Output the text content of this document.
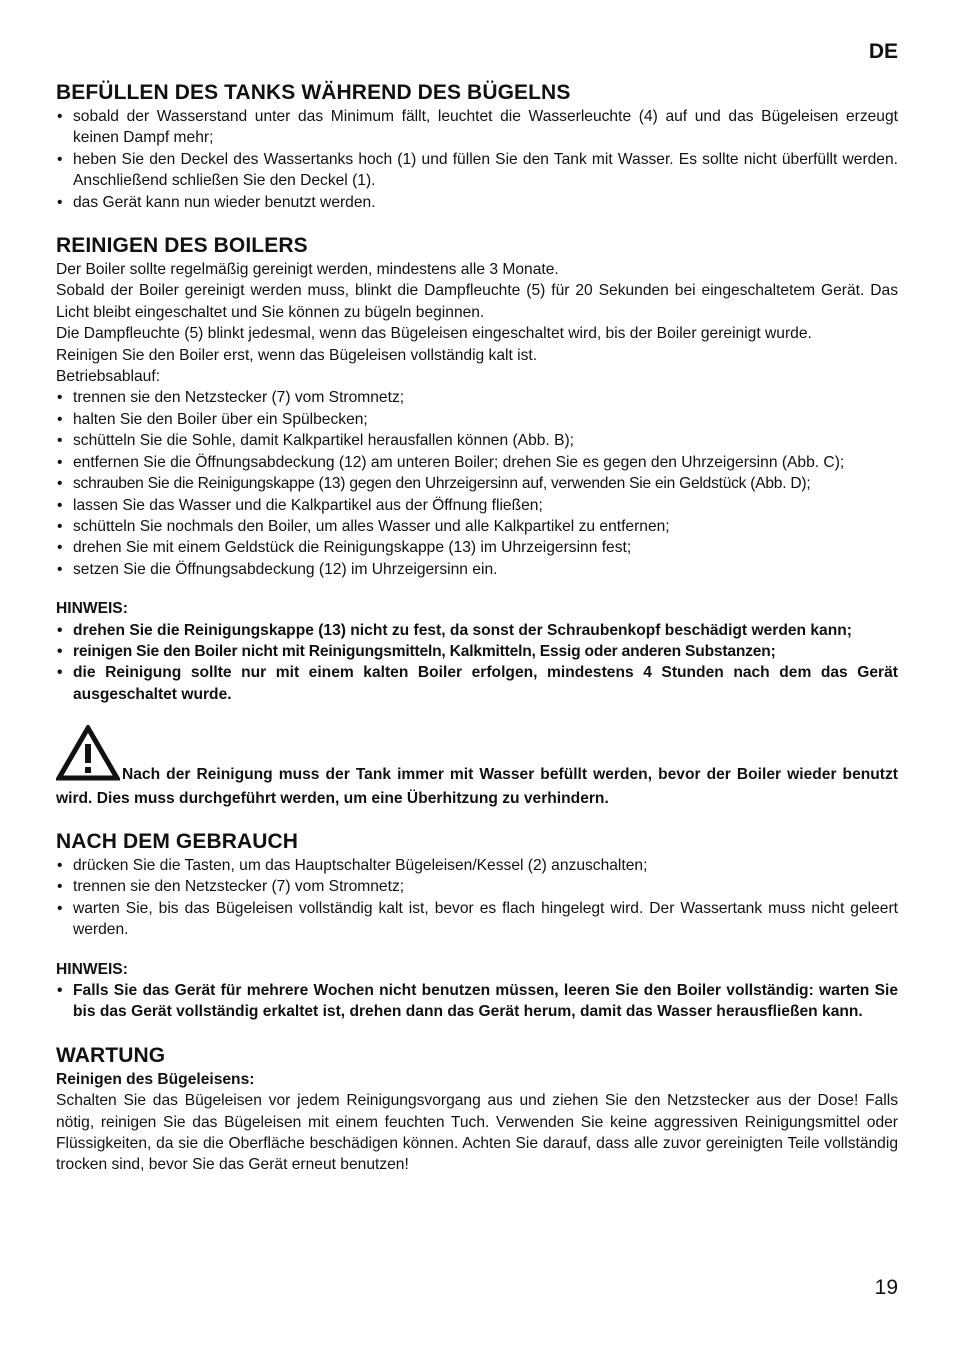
DE
BEFÜLLEN DES TANKS WÄHREND DES BÜGELNS
• sobald der Wasserstand unter das Minimum fällt, leuchtet die Wasserleuchte (4) auf und das Bügeleisen erzeugt keinen Dampf mehr;
• heben Sie den Deckel des Wassertanks hoch (1) und füllen Sie den Tank mit Wasser. Es sollte nicht überfüllt werden. Anschließend schließen Sie den Deckel (1).
• das Gerät kann nun wieder benutzt werden.
REINIGEN DES BOILERS

Der Boiler sollte regelmäßig gereinigt werden, mindestens alle 3 Monate.

Sobald der Boiler gereinigt werden muss, blinkt die Dampfleuchte (5) für 20 Sekunden bei eingeschaltetem Gerät. Das Licht bleibt eingeschaltet und Sie können zu bügeln beginnen.

Die Dampfleuchte (5) blinkt jedesmal, wenn das Bügeleisen eingeschaltet wird, bis der Boiler gereinigt wurde.

Reinigen Sie den Boiler erst, wenn das Bügeleisen vollständig kalt ist.

Betriebsablauf:

• trennen sie den Netzstecker (7) vom Stromnetz;
• halten Sie den Boiler über ein Spülbecken;
• schütteln Sie die Sohle, damit Kalkpartikel herausfallen können (Abb. B);
• entfernen Sie die Öffnungsabdeckung (12) am unteren Boiler; drehen Sie es gegen den Uhrzeigersinn (Abb. C);
• schrauben Sie die Reinigungskappe (13) gegen den Uhrzeigersinn auf, verwenden Sie ein Geldstück (Abb. D);
• lassen Sie das Wasser und die Kalkpartikel aus der Öffnung fließen;
• schütteln Sie nochmals den Boiler, um alles Wasser und alle Kalkpartikel zu entfernen;
• drehen Sie mit einem Geldstück die Reinigungskappe (13) im Uhrzeigersinn fest;
• setzen Sie die Öffnungsabdeckung (12) im Uhrzeigersinn ein.

HINWEIS:

• drehen Sie die Reinigungskappe (13) nicht zu fest, da sonst der Schraubenkopf beschädigt werden kann;
• reinigen Sie den Boiler nicht mit Reinigungsmitteln, Kalkmitteln, Essig oder anderen Substanzen;
• die Reinigung sollte nur mit einem kalten Boiler erfolgen, mindestens 4 Stunden nach dem das Gerät ausgeschaltet wurde.
Nach der Reinigung muss der Tank immer mit Wasser befüllt werden, bevor der Boiler wieder benutzt wird. Dies muss durchgeführt werden, um eine Überhitzung zu verhindern.
NACH DEM GEBRAUCH
• drücken Sie die Tasten, um das Hauptschalter Bügeleisen/Kessel (2) anzuschalten;
• trennen sie den Netzstecker (7) vom Stromnetz;
• warten Sie, bis das Bügeleisen vollständig kalt ist, bevor es flach hingelegt wird. Der Wassertank muss nicht geleert werden.

HINWEIS:

• Falls Sie das Gerät für mehrere Wochen nicht benutzen müssen, leeren Sie den Boiler vollständig: warten Sie bis das Gerät vollständig erkaltet ist, drehen dann das Gerät herum, damit das Wasser herausfließen kann.
WARTUNG

Reinigen des Bügeleisens:

Schalten Sie das Bügeleisen vor jedem Reinigungsvorgang aus und ziehen Sie den Netzstecker aus der Dose! Falls nötig, reinigen Sie das Bügeleisen mit einem feuchten Tuch. Verwenden Sie keine aggressiven Reinigungsmittel oder Flüssigkeiten, da sie die Oberfläche beschädigen können. Achten Sie darauf, dass alle zuvor gereinigten Teile vollständig trocken sind, bevor Sie das Gerät erneut benutzen!

19
